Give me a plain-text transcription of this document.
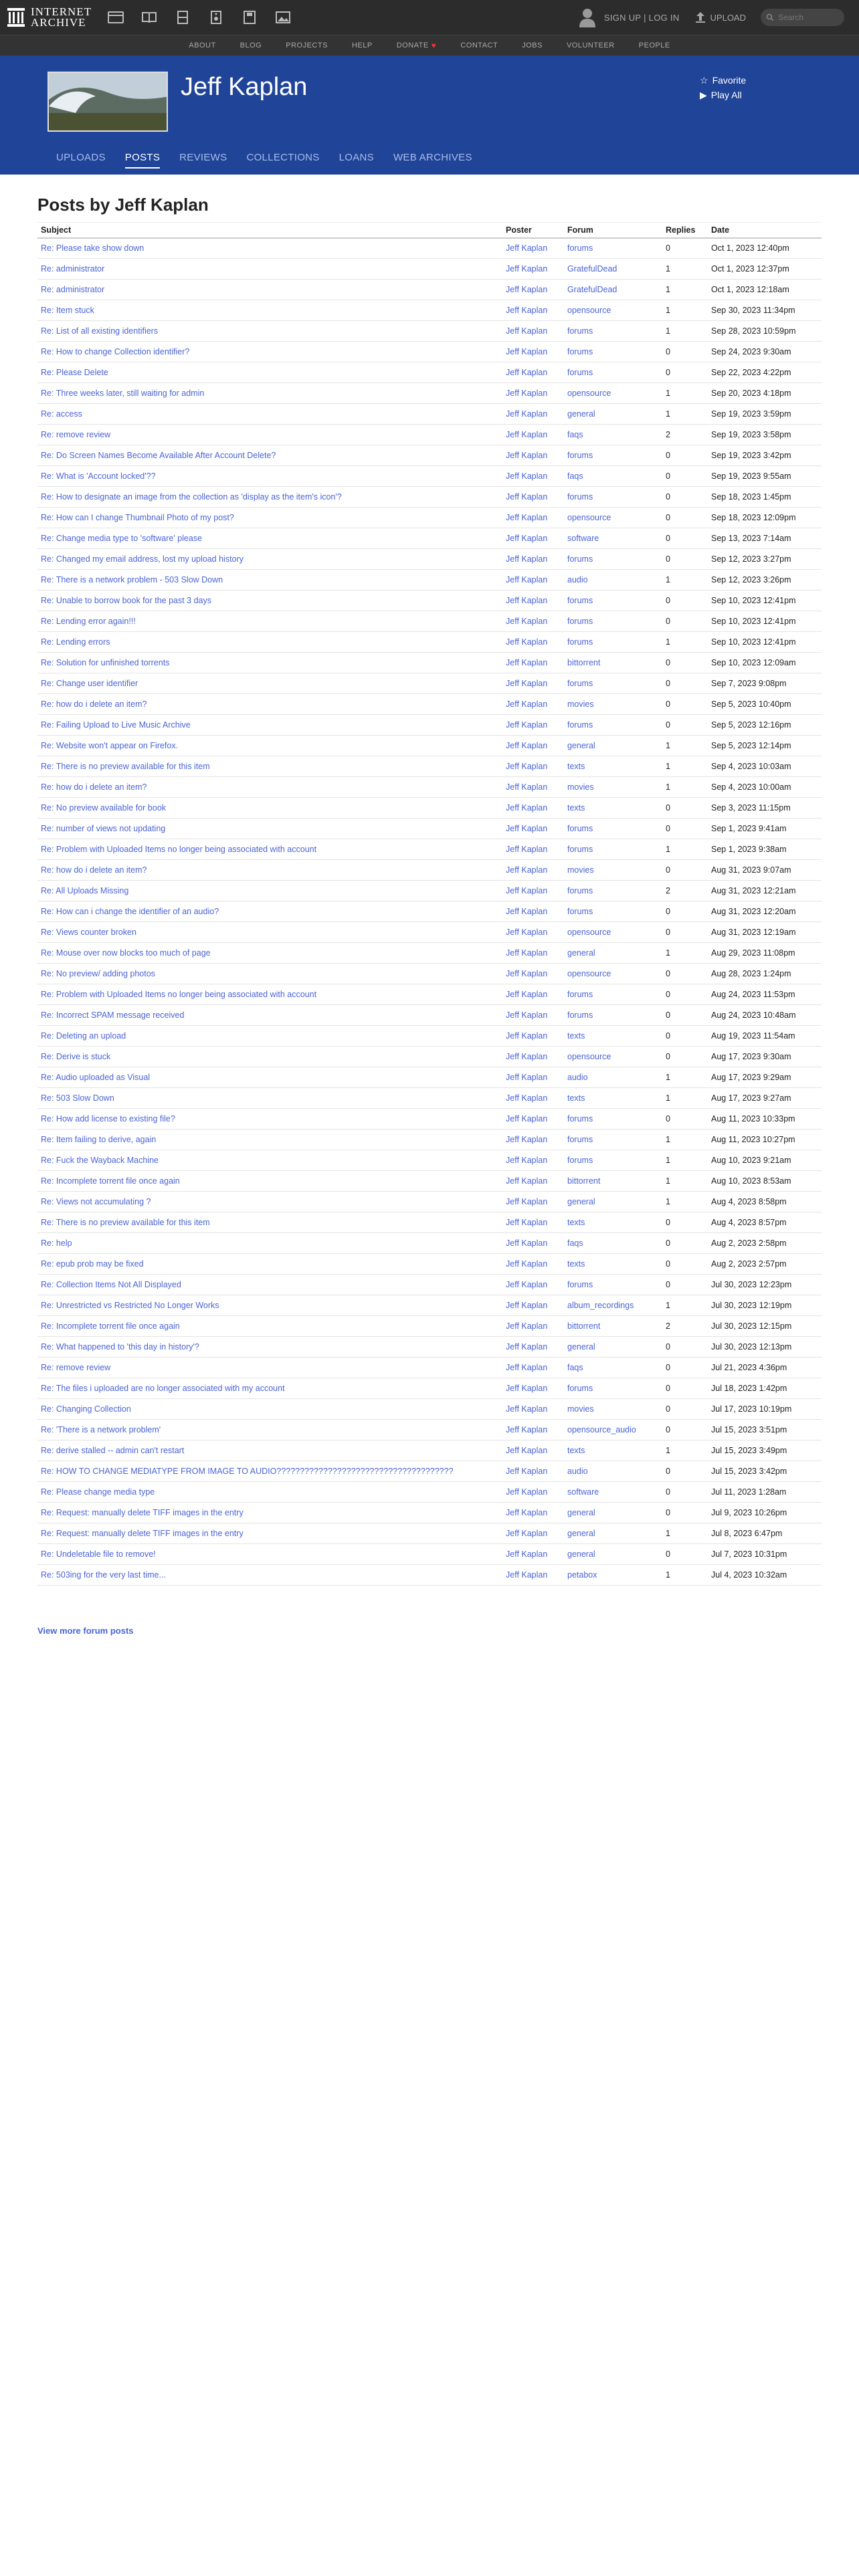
INTERNET
ARCHIVE	SIGN UP | LOG IN	UPLOAD	Search
ABOUT	BLOG	PROJECTS	HELP	DONATE ♥	CONTACT	JOBS	VOLUNTEER	PEOPLE
Jeff Kaplan	☆ Favorite
▶ Play All
UPLOADS POSTS REVIEWS COLLECTIONS LOANS WEB ARCHIVES
Posts by Jeff Kaplan
Subject	Poster	Forum	Replies	Date
Re: Please take show down	Jeff Kaplan	forums	0	Oct 1, 2023 12:40pm
Re: administrator	Jeff Kaplan	GratefulDead	1	Oct 1, 2023 12:37pm
Re: administrator	Jeff Kaplan	GratefulDead	1	Oct 1, 2023 12:18am
Re: Item stuck	Jeff Kaplan	opensource	1	Sep 30, 2023 11:34pm
Re: List of all existing identifiers	Jeff Kaplan	forums	1	Sep 28, 2023 10:59pm
Re: How to change Collection identifier?	Jeff Kaplan	forums	0	Sep 24, 2023 9:30am
Re: Please Delete	Jeff Kaplan	forums	0	Sep 22, 2023 4:22pm
Re: Three weeks later, still waiting for admin	Jeff Kaplan	opensource	1	Sep 20, 2023 4:18pm
Re: access	Jeff Kaplan	general	1	Sep 19, 2023 3:59pm
Re: remove review	Jeff Kaplan	faqs	2	Sep 19, 2023 3:58pm
Re: Do Screen Names Become Available After Account Delete?	Jeff Kaplan	forums	0	Sep 19, 2023 3:42pm
Re: What is 'Account locked'??	Jeff Kaplan	faqs	0	Sep 19, 2023 9:55am
Re: How to designate an image from the collection as 'display as the item's icon'?	Jeff Kaplan	forums	0	Sep 18, 2023 1:45pm
Re: How can I change Thumbnail Photo of my post?	Jeff Kaplan	opensource	0	Sep 18, 2023 12:09pm
Re: Change media type to 'software' please	Jeff Kaplan	software	0	Sep 13, 2023 7:14am
Re: Changed my email address, lost my upload history	Jeff Kaplan	forums	0	Sep 12, 2023 3:27pm
Re: There is a network problem - 503 Slow Down	Jeff Kaplan	audio	1	Sep 12, 2023 3:26pm
Re: Unable to borrow book for the past 3 days	Jeff Kaplan	forums	0	Sep 10, 2023 12:41pm
Re: Lending error again!!!	Jeff Kaplan	forums	0	Sep 10, 2023 12:41pm
Re: Lending errors	Jeff Kaplan	forums	1	Sep 10, 2023 12:41pm
Re: Solution for unfinished torrents	Jeff Kaplan	bittorrent	0	Sep 10, 2023 12:09am
Re: Change user identifier	Jeff Kaplan	forums	0	Sep 7, 2023 9:08pm
Re: how do i delete an item?	Jeff Kaplan	movies	0	Sep 5, 2023 10:40pm
Re: Failing Upload to Live Music Archive	Jeff Kaplan	forums	0	Sep 5, 2023 12:16pm
Re: Website won't appear on Firefox.	Jeff Kaplan	general	1	Sep 5, 2023 12:14pm
Re: There is no preview available for this item	Jeff Kaplan	texts	1	Sep 4, 2023 10:03am
Re: how do i delete an item?	Jeff Kaplan	movies	1	Sep 4, 2023 10:00am
Re: No preview available for book	Jeff Kaplan	texts	0	Sep 3, 2023 11:15pm
Re: number of views not updating	Jeff Kaplan	forums	0	Sep 1, 2023 9:41am
Re: Problem with Uploaded Items no longer being associated with account	Jeff Kaplan	forums	1	Sep 1, 2023 9:38am
Re: how do i delete an item?	Jeff Kaplan	movies	0	Aug 31, 2023 9:07am
Re: All Uploads Missing	Jeff Kaplan	forums	2	Aug 31, 2023 12:21am
Re: How can i change the identifier of an audio?	Jeff Kaplan	forums	0	Aug 31, 2023 12:20am
Re: Views counter broken	Jeff Kaplan	opensource	0	Aug 31, 2023 12:19am
Re: Mouse over now blocks too much of page	Jeff Kaplan	general	1	Aug 29, 2023 11:08pm
Re: No preview/ adding photos	Jeff Kaplan	opensource	0	Aug 28, 2023 1:24pm
Re: Problem with Uploaded Items no longer being associated with account	Jeff Kaplan	forums	0	Aug 24, 2023 11:53pm
Re: Incorrect SPAM message received	Jeff Kaplan	forums	0	Aug 24, 2023 10:48am
Re: Deleting an upload	Jeff Kaplan	texts	0	Aug 19, 2023 11:54am
Re: Derive is stuck	Jeff Kaplan	opensource	0	Aug 17, 2023 9:30am
Re: Audio uploaded as Visual	Jeff Kaplan	audio	1	Aug 17, 2023 9:29am
Re: 503 Slow Down	Jeff Kaplan	texts	1	Aug 17, 2023 9:27am
Re: How add license to existing file?	Jeff Kaplan	forums	0	Aug 11, 2023 10:33pm
Re: Item failing to derive, again	Jeff Kaplan	forums	1	Aug 11, 2023 10:27pm
Re: Fuck the Wayback Machine	Jeff Kaplan	forums	1	Aug 10, 2023 9:21am
Re: Incomplete torrent file once again	Jeff Kaplan	bittorrent	1	Aug 10, 2023 8:53am
Re: Views not accumulating ?	Jeff Kaplan	general	1	Aug 4, 2023 8:58pm
Re: There is no preview available for this item	Jeff Kaplan	texts	0	Aug 4, 2023 8:57pm
Re: help	Jeff Kaplan	faqs	0	Aug 2, 2023 2:58pm
Re: epub prob may be fixed	Jeff Kaplan	texts	0	Aug 2, 2023 2:57pm
Re: Collection Items Not All Displayed	Jeff Kaplan	forums	0	Jul 30, 2023 12:23pm
Re: Unrestricted vs Restricted No Longer Works	Jeff Kaplan	album_recordings	1	Jul 30, 2023 12:19pm
Re: Incomplete torrent file once again	Jeff Kaplan	bittorrent	2	Jul 30, 2023 12:15pm
Re: What happened to 'this day in history'?	Jeff Kaplan	general	0	Jul 30, 2023 12:13pm
Re: remove review	Jeff Kaplan	faqs	0	Jul 21, 2023 4:36pm
Re: The files i uploaded are no longer associated with my account	Jeff Kaplan	forums	0	Jul 18, 2023 1:42pm
Re: Changing Collection	Jeff Kaplan	movies	0	Jul 17, 2023 10:19pm
Re: 'There is a network problem'	Jeff Kaplan	opensource_audio	0	Jul 15, 2023 3:51pm
Re: derive stalled -- admin can't restart	Jeff Kaplan	texts	1	Jul 15, 2023 3:49pm
Re: HOW TO CHANGE MEDIATYPE FROM IMAGE TO AUDIO??????????????????????????????????????	Jeff Kaplan	audio	0	Jul 15, 2023 3:42pm
Re: Please change media type	Jeff Kaplan	software	0	Jul 11, 2023 1:28am
Re: Request: manually delete TIFF images in the entry	Jeff Kaplan	general	0	Jul 9, 2023 10:26pm
Re: Request: manually delete TIFF images in the entry	Jeff Kaplan	general	1	Jul 8, 2023 6:47pm
Re: Undeletable file to remove!	Jeff Kaplan	general	0	Jul 7, 2023 10:31pm
Re: 503ing for the very last time...	Jeff Kaplan	petabox	1	Jul 4, 2023 10:32am
View more forum posts
